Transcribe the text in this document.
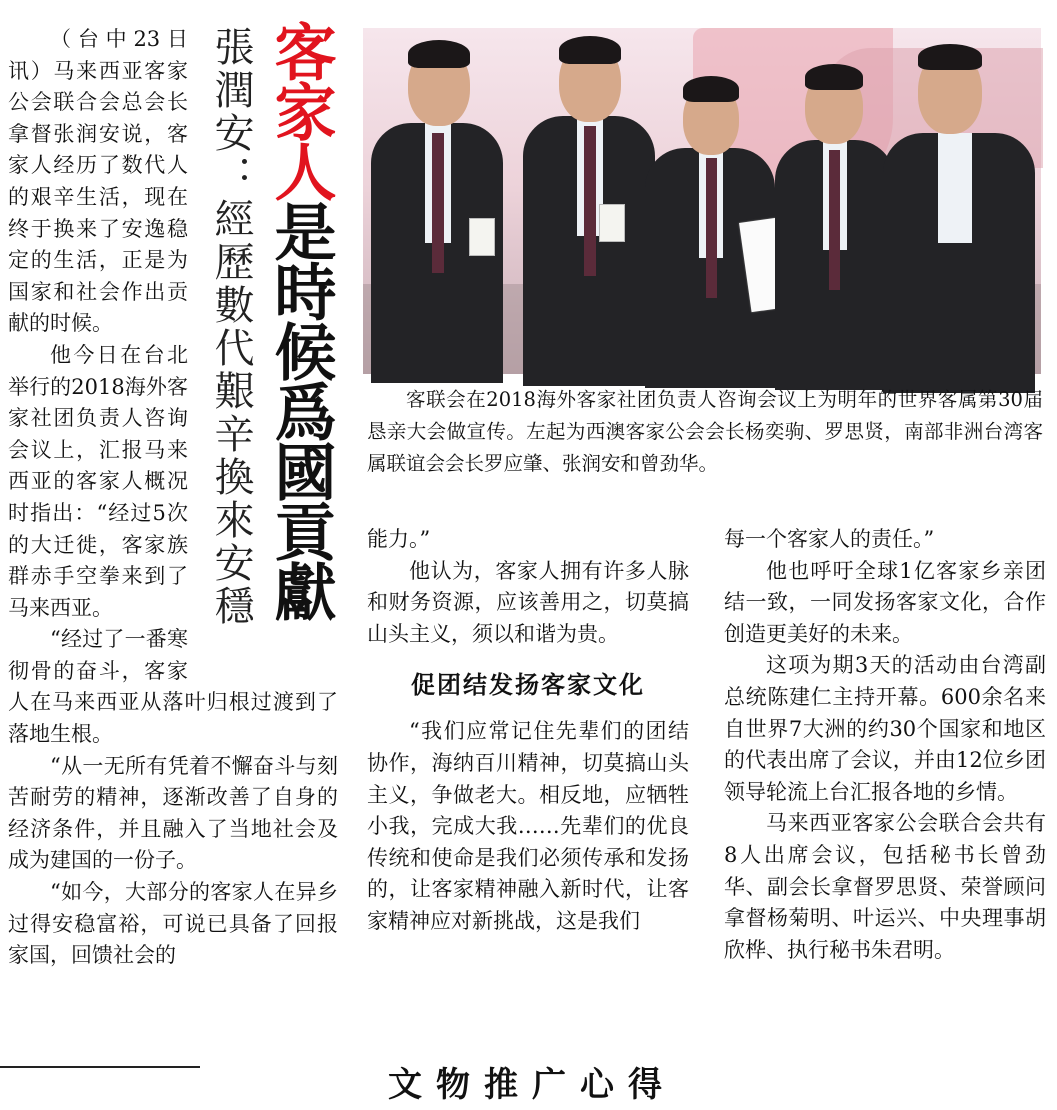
（台中23日讯）马来西亚客家公会联合会总会长拿督张润安说，客家人经历了数代人的艰辛生活，现在终于换来了安逸稳定的生活，正是为国家和社会作出贡献的时候。

他今日在台北举行的2018海外客家社团负责人咨询会议上，汇报马来西亚的客家人概况时指出：“经过5次的大迁徙，客家族群赤手空拳来到了马来西亚。

“经过了一番寒彻骨的奋斗，客家人在马来西亚从落叶归根过渡到了落地生根。

“从一无所有凭着不懈奋斗与刻苦耐劳的精神，逐渐改善了自身的经济条件，并且融入了当地社会及成为建国的一份子。

“如今，大部分的客家人在异乡过得安稳富裕，可说已具备了回报家国，回馈社会的

張潤安：經歷數代艱辛換來安穩 客家人是時候爲國貢獻	客联会在2018海外客家社团负责人咨询会议上为明年的世界客属第30届恳亲大会做宣传。左起为西澳客家公会会长杨奕驹、罗思贤，南部非洲台湾客属联谊会会长罗应肇、张润安和曾劲华。

能力。”

他认为，客家人拥有许多人脉和财务资源，应该善用之，切莫搞山头主义，须以和谐为贵。

促团结发扬客家文化

“我们应常记住先辈们的团结协作，海纳百川精神，切莫搞山头主义，争做老大。相反地，应牺牲小我，完成大我……先辈们的优良传统和使命是我们必须传承和发扬的，让客家精神融入新时代，让客家精神应对新挑战，这是我们

每一个客家人的责任。”

他也呼吁全球1亿客家乡亲团结一致，一同发扬客家文化，合作创造更美好的未来。

这项为期3天的活动由台湾副总统陈建仁主持开幕。600余名来自世界7大洲的约30个国家和地区的代表出席了会议，并由12位乡团领导轮流上台汇报各地的乡情。

马来西亚客家公会联合会共有8人出席会议，包括秘书长曾劲华、副会长拿督罗思贤、荣誉顾问拿督杨菊明、叶运兴、中央理事胡欣桦、执行秘书朱君明。

文物推广心得
